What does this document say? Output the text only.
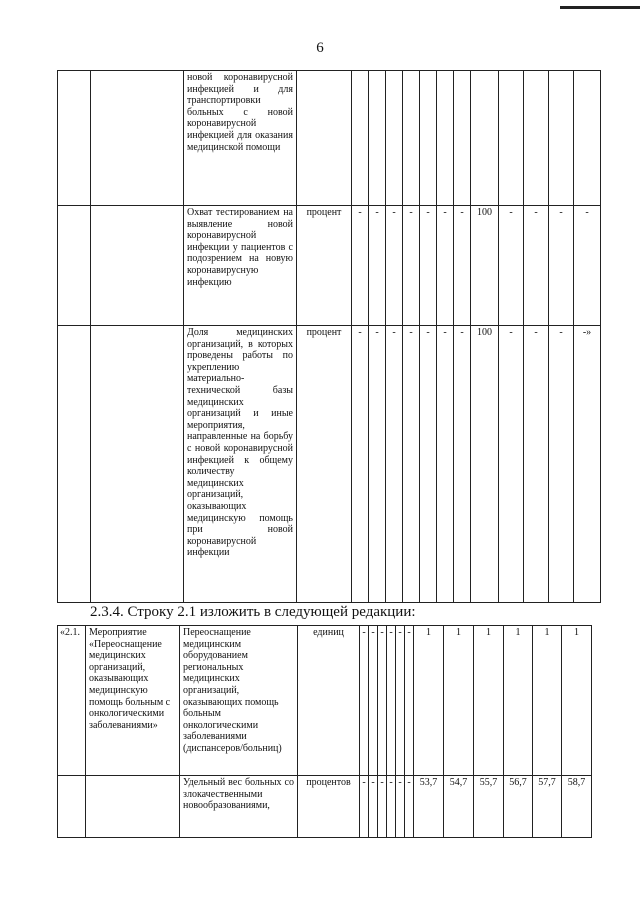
6
		новой коронавирусной инфекцией и для транспортировки больных с новой коронавирусной инфекцией для оказания медицинской помощи													
		Охват тестированием на выявление новой коронавирусной инфекции у пациентов с подозрением на новую коронавирусную инфекцию	процент	-	-	-	-	-	-	-	100	-	-	-	-
		Доля медицинских организаций, в которых проведены работы по укреплению материально-технической базы медицинских организаций и иные мероприятия, направленные на борьбу с новой коронавирусной инфекцией к общему количеству медицинских организаций, оказывающих медицинскую помощь при новой коронавирусной инфекции	процент	-	-	-	-	-	-	-	100	-	-	-	-»
2.3.4. Строку 2.1 изложить в следующей редакции:
«2.1.	Мероприятие «Переоснащение медицинских организаций, оказывающих медицинскую помощь больным с онкологическими заболеваниями»	Переоснащение медицинским оборудованием региональных медицинских организаций, оказывающих помощь больным онкологическими заболеваниями (диспансеров/больниц)	единиц	-	-	-	-	-	-	1	1	1	1	1	1
		Удельный вес больных со злокачественными новообразованиями,	процентов	-	-	-	-	-	-	53,7	54,7	55,7	56,7	57,7	58,7
